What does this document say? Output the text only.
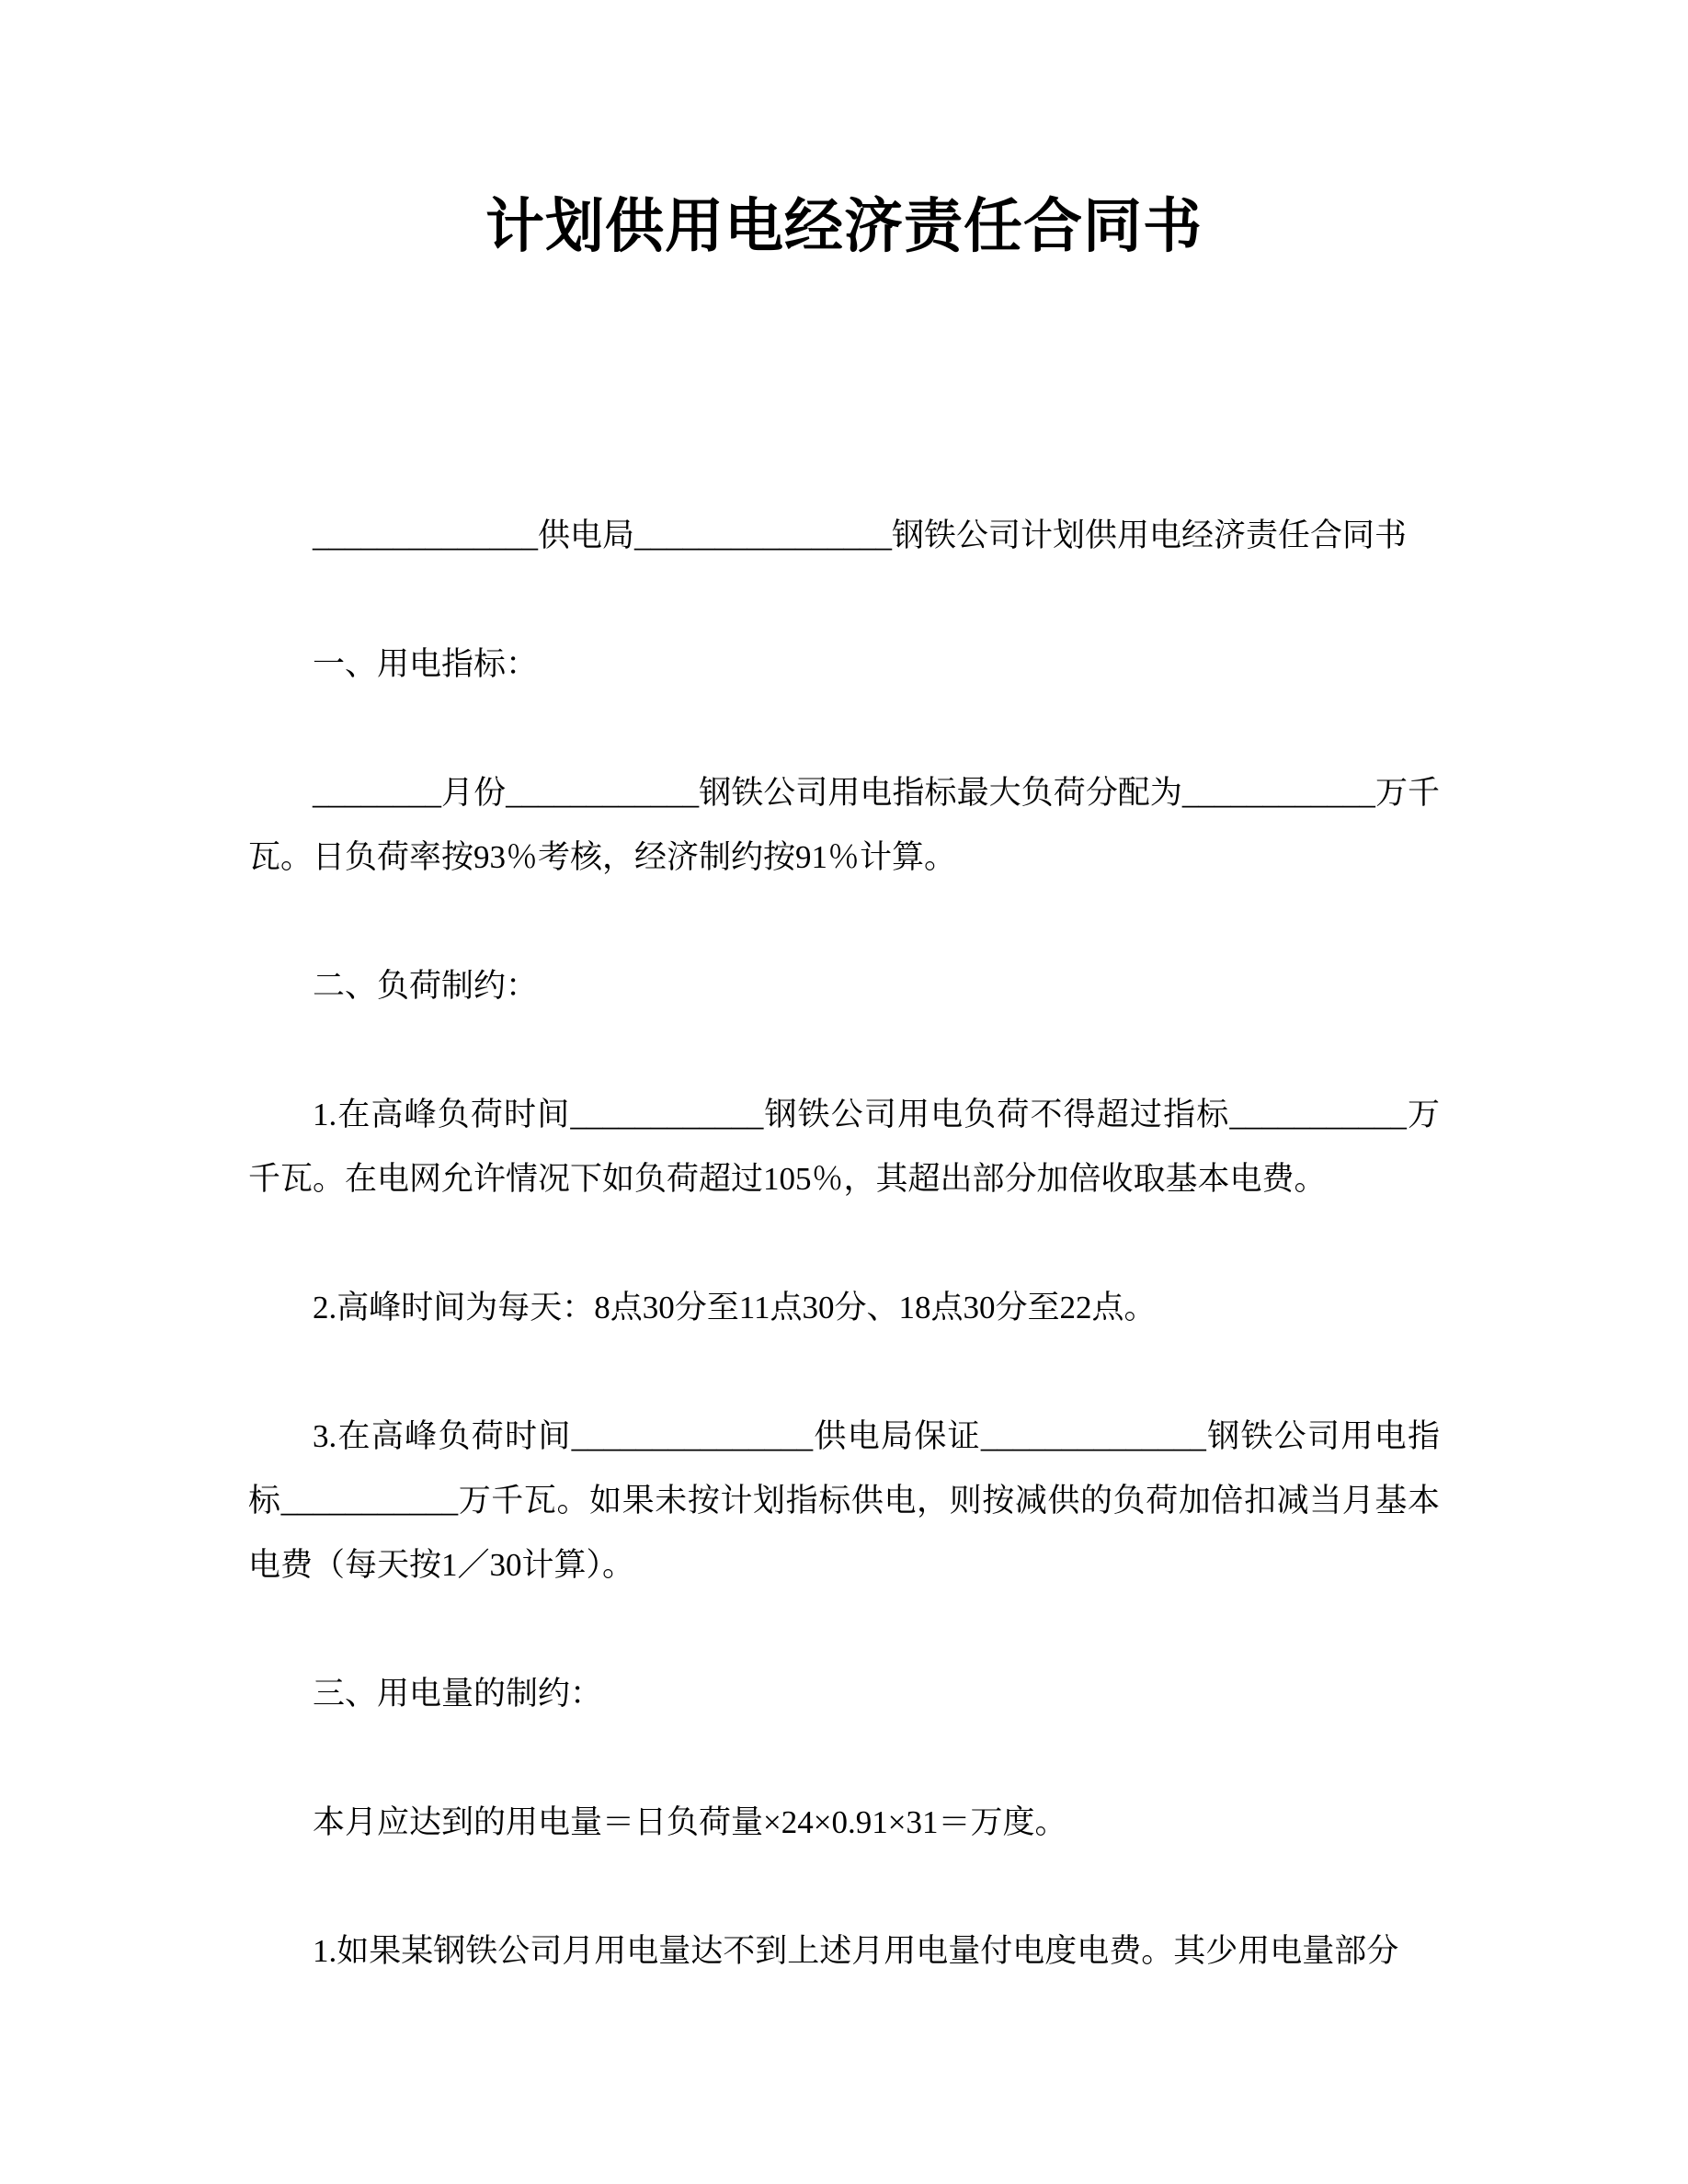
计划供用电经济责任合同书

______________供电局________________钢铁公司计划供用电经济责任合同书

一、用电指标：

________月份____________钢铁公司用电指标最大负荷分配为____________万千瓦。日负荷率按93％考核，经济制约按91％计算。

二、负荷制约：

1.在高峰负荷时间____________钢铁公司用电负荷不得超过指标___________万千瓦。在电网允许情况下如负荷超过105％，其超出部分加倍收取基本电费。

2.高峰时间为每天：8点30分至11点30分、18点30分至22点。

3.在高峰负荷时间_______________供电局保证______________钢铁公司用电指标___________万千瓦。如果未按计划指标供电，则按减供的负荷加倍扣减当月基本电费（每天按1／30计算）。

三、用电量的制约：

本月应达到的用电量＝日负荷量×24×0.91×31＝万度。

1.如果某钢铁公司月用电量达不到上述月用电量付电度电费。其少用电量部分
